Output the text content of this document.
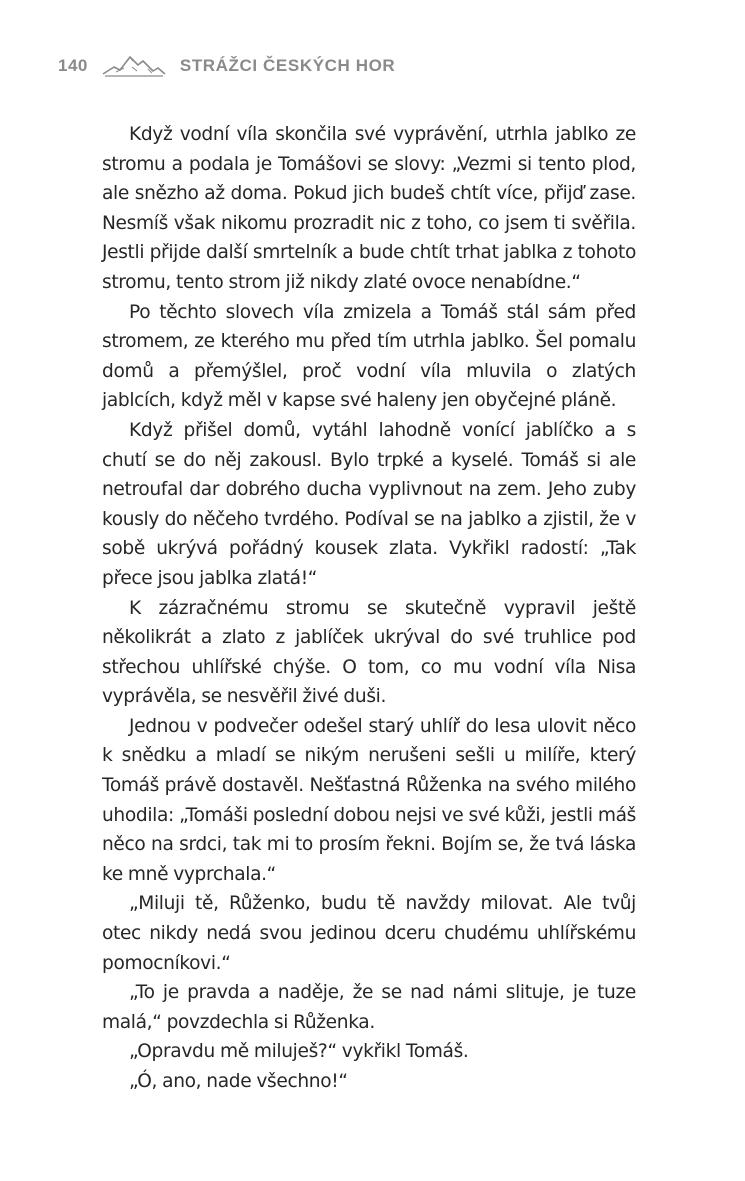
140	STRÁŽCI ČESKÝCH HOR

Když vodní víla skončila své vyprávění, utrhla jablko ze stromu a podala je Tomášovi se slovy: „Vezmi si tento plod, ale snězho až doma. Pokud jich budeš chtít více, přijď zase. Nesmíš však nikomu prozradit nic z toho, co jsem ti svěřila. Jestli přijde další smrtelník a bude chtít trhat jablka z tohoto stromu, tento strom již nikdy zlaté ovoce nenabídne.“

Po těchto slovech víla zmizela a Tomáš stál sám před stromem, ze kterého mu před tím utrhla jablko. Šel pomalu domů a přemýšlel, proč vodní víla mluvila o zlatých jablcích, když měl v kapse své haleny jen obyčejné pláně.

Když přišel domů, vytáhl lahodně vonící jablíčko a s chutí se do něj zakousl. Bylo trpké a kyselé. Tomáš si ale netroufal dar dobrého ducha vyplivnout na zem. Jeho zuby kously do něčeho tvrdého. Podíval se na jablko a zjistil, že v sobě ukrývá pořádný kousek zlata. Vykřikl radostí: „Tak přece jsou jablka zlatá!“

K zázračnému stromu se skutečně vypravil ještě několikrát a zlato z jablíček ukrýval do své truhlice pod střechou uhlířské chýše. O tom, co mu vodní víla Nisa vyprávěla, se nesvěřil živé duši.

Jednou v podvečer odešel starý uhlíř do lesa ulovit něco k snědku a mladí se nikým nerušeni sešli u milíře, který Tomáš právě dostavěl. Nešťastná Růženka na svého milého uhodila: „Tomáši poslední dobou nejsi ve své kůži, jestli máš něco na srdci, tak mi to prosím řekni. Bojím se, že tvá láska ke mně vyprchala.“

„Miluji tě, Růženko, budu tě navždy milovat. Ale tvůj otec nikdy nedá svou jedinou dceru chudému uhlířskému pomocníkovi.“

„To je pravda a naděje, že se nad námi slituje, je tuze malá,“ povzdechla si Růženka.

„Opravdu mě miluješ?“ vykřikl Tomáš.

„Ó, ano, nade všechno!“
